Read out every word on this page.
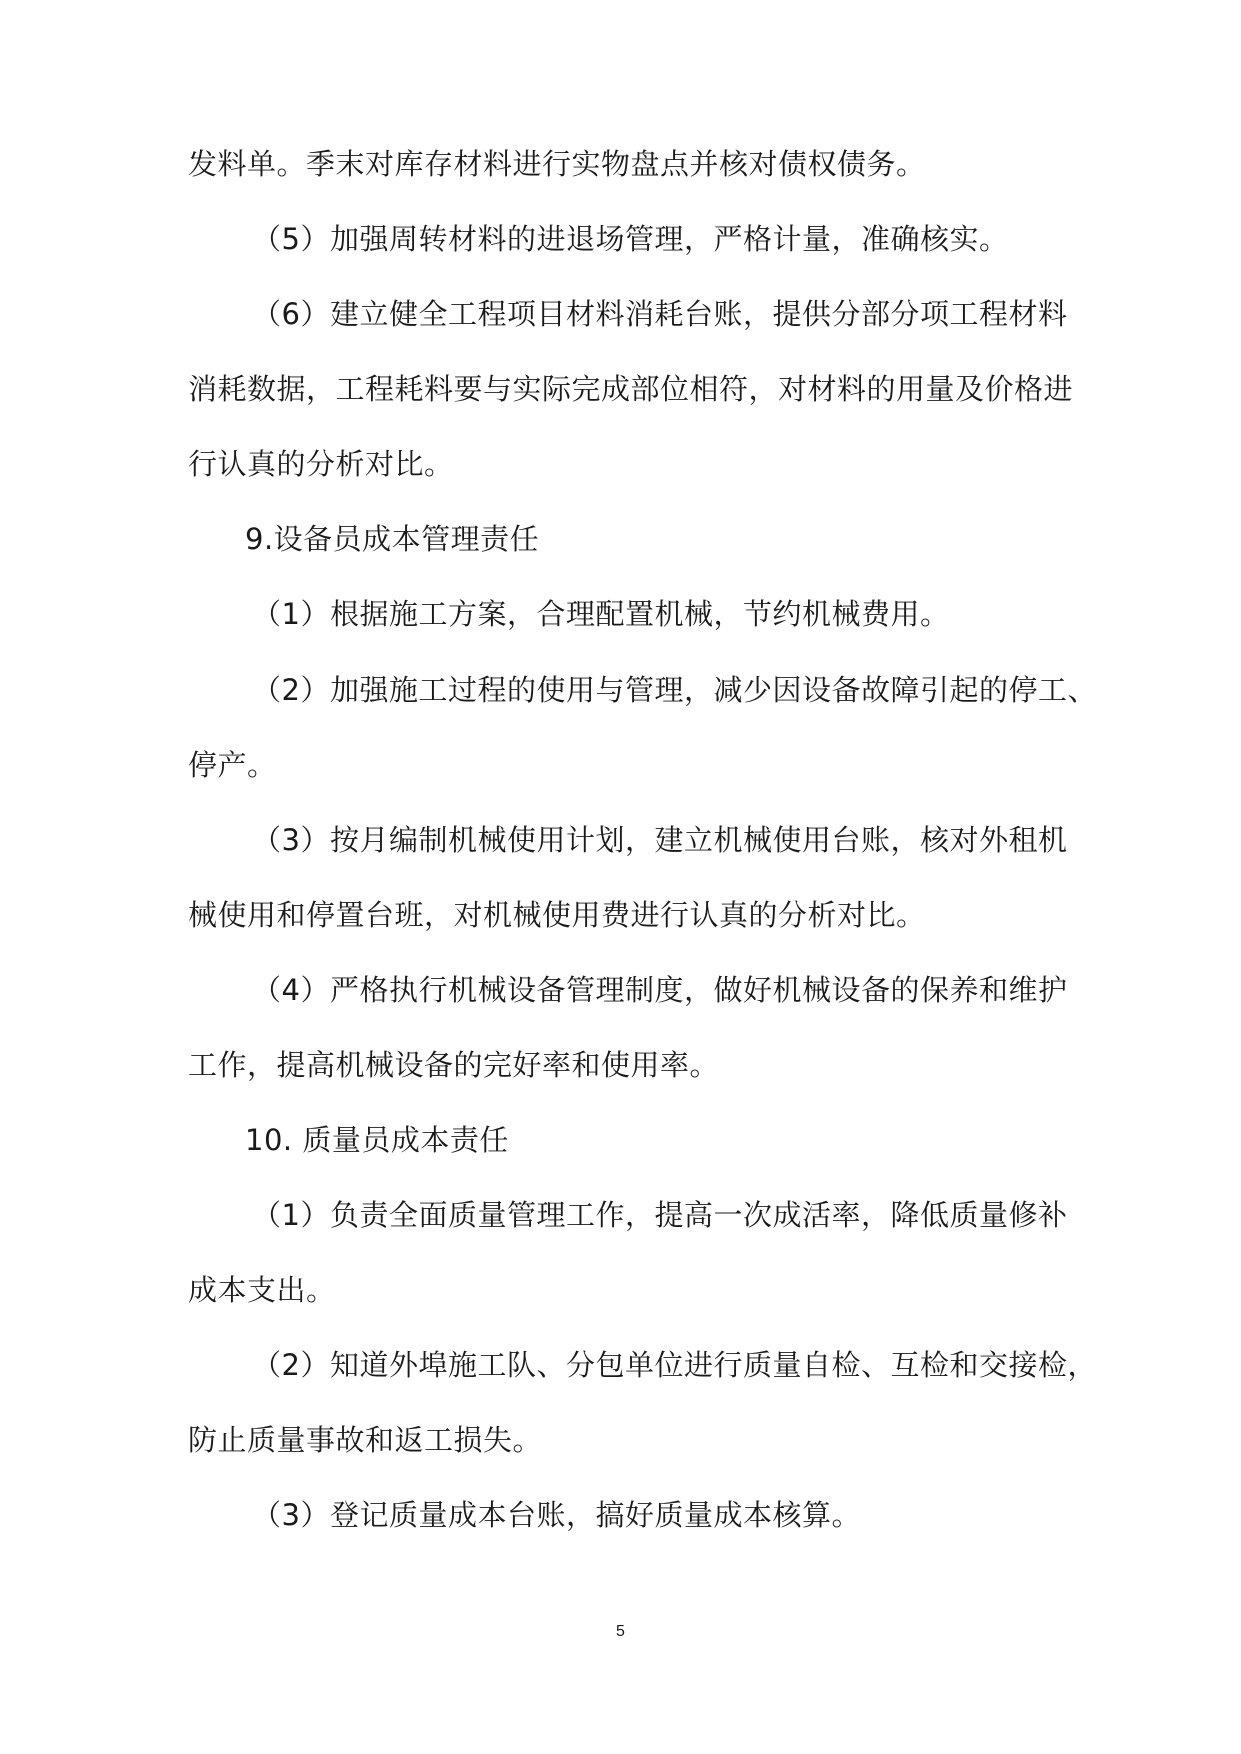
发料单。季末对库存材料进行实物盘点并核对债权债务。
（5）加强周转材料的进退场管理，严格计量，准确核实。
（6）建立健全工程项目材料消耗台账，提供分部分项工程材料
消耗数据，工程耗料要与实际完成部位相符，对材料的用量及价格进
行认真的分析对比。
9.设备员成本管理责任
（1）根据施工方案，合理配置机械，节约机械费用。
（2）加强施工过程的使用与管理，减少因设备故障引起的停工、
停产。
（3）按月编制机械使用计划，建立机械使用台账，核对外租机
械使用和停置台班，对机械使用费进行认真的分析对比。
（4）严格执行机械设备管理制度，做好机械设备的保养和维护
工作，提高机械设备的完好率和使用率。
10. 质量员成本责任
（1）负责全面质量管理工作，提高一次成活率，降低质量修补
成本支出。
（2）知道外埠施工队、分包单位进行质量自检、互检和交接检，
防止质量事故和返工损失。
（3）登记质量成本台账，搞好质量成本核算。
5
